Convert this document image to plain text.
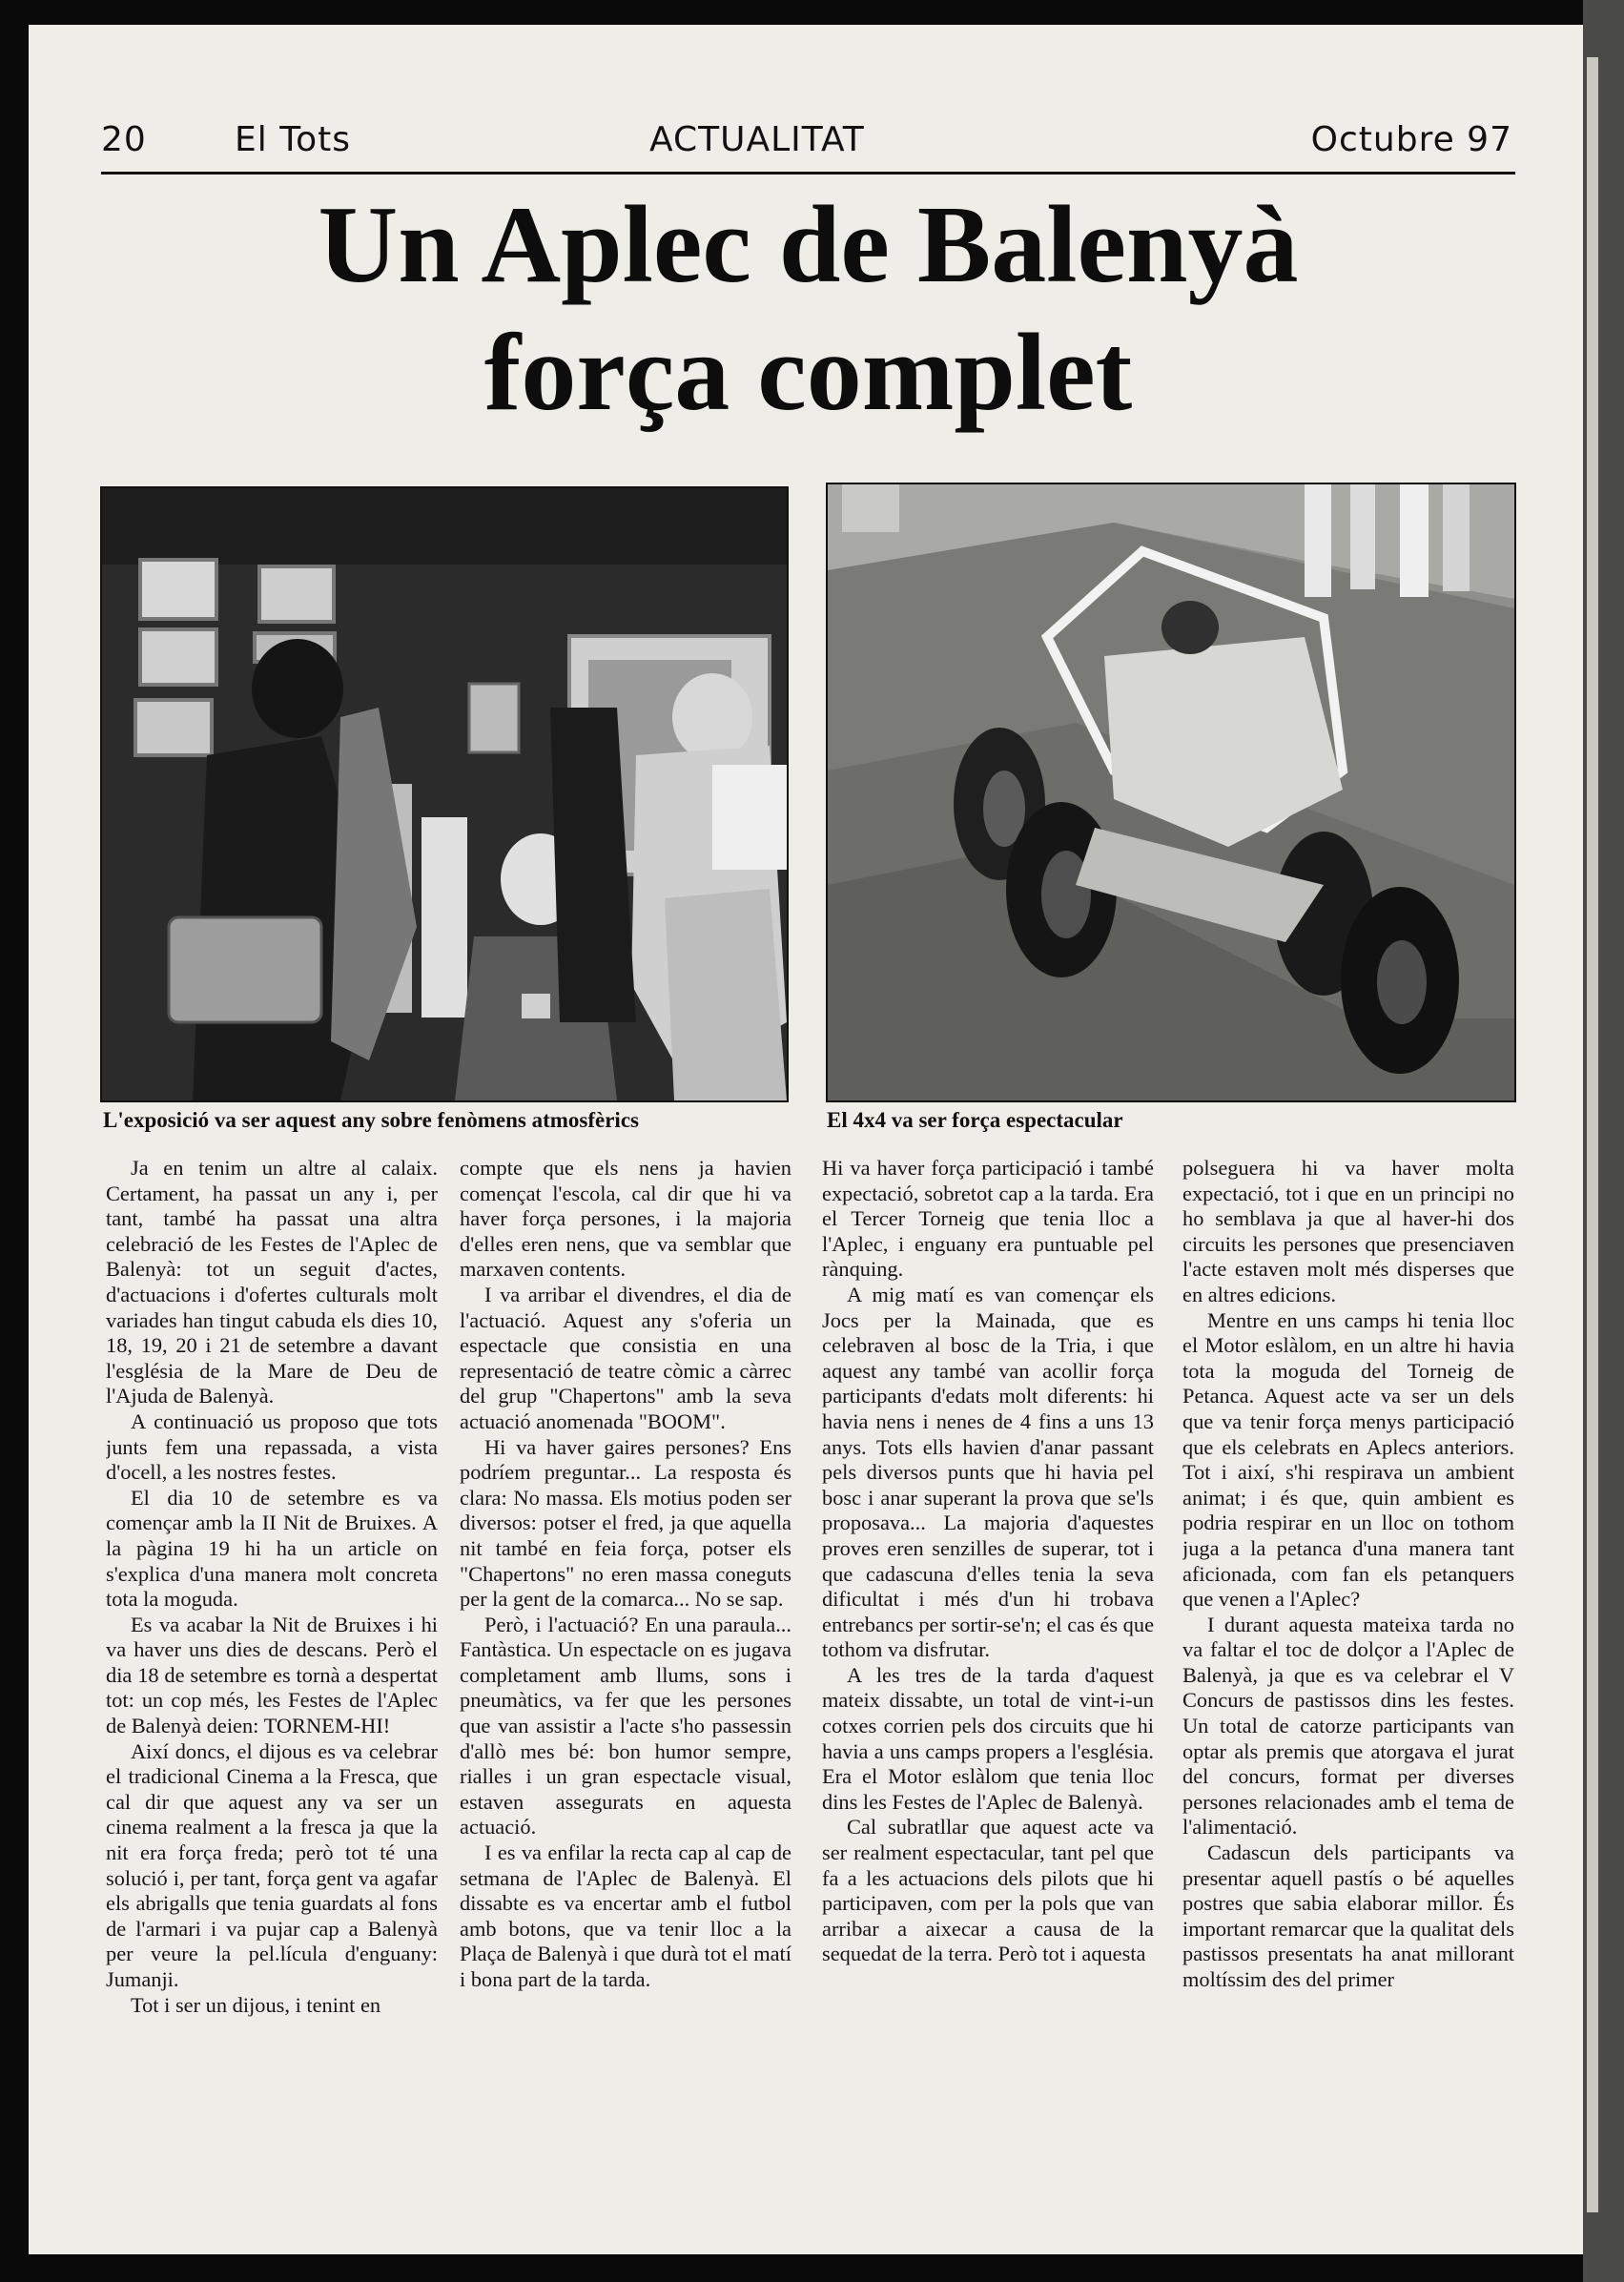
20	El Tots	ACTUALITAT	Octubre 97
Un Aplec de Balenyà
força complet
L'exposició va ser aquest any sobre fenòmens atmosfèrics	El 4x4 va ser força espectacular

Ja en tenim un altre al calaix. Certament, ha passat un any i, per tant, també ha passat una altra celebració de les Festes de l'Aplec de Balenyà: tot un seguit d'actes, d'actuacions i d'ofertes culturals molt variades han tingut cabuda els dies 10, 18, 19, 20 i 21 de setembre a davant l'església de la Mare de Deu de l'Ajuda de Balenyà.

A continuació us proposo que tots junts fem una repassada, a vista d'ocell, a les nostres festes.

El dia 10 de setembre es va començar amb la II Nit de Bruixes. A la pàgina 19 hi ha un article on s'explica d'una manera molt concreta tota la moguda.

Es va acabar la Nit de Bruixes i hi va haver uns dies de descans. Però el dia 18 de setembre es tornà a despertat tot: un cop més, les Festes de l'Aplec de Balenyà deien: TORNEM-HI!

Així doncs, el dijous es va celebrar el tradicional Cinema a la Fresca, que cal dir que aquest any va ser un cinema realment a la fresca ja que la nit era força freda; però tot té una solució i, per tant, força gent va agafar els abrigalls que tenia guardats al fons de l'armari i va pujar cap a Balenyà per veure la pel.lícula d'enguany: Jumanji.

Tot i ser un dijous, i tenint en

compte que els nens ja havien començat l'escola, cal dir que hi va haver força persones, i la majoria d'elles eren nens, que va semblar que marxaven contents.

I va arribar el divendres, el dia de l'actuació. Aquest any s'oferia un espectacle que consistia en una representació de teatre còmic a càrrec del grup "Chapertons" amb la seva actuació anomenada "BOOM".

Hi va haver gaires persones? Ens podríem preguntar... La resposta és clara: No massa. Els motius poden ser diversos: potser el fred, ja que aquella nit també en feia força, potser els "Chapertons" no eren massa coneguts per la gent de la comarca... No se sap.

Però, i l'actuació? En una paraula... Fantàstica. Un espectacle on es jugava completament amb llums, sons i pneumàtics, va fer que les persones que van assistir a l'acte s'ho passessin d'allò mes bé: bon humor sempre, rialles i un gran espectacle visual, estaven assegurats en aquesta actuació.

I es va enfilar la recta cap al cap de setmana de l'Aplec de Balenyà. El dissabte es va encertar amb el futbol amb botons, que va tenir lloc a la Plaça de Balenyà i que durà tot el matí i bona part de la tarda.

Hi va haver força participació i també expectació, sobretot cap a la tarda. Era el Tercer Torneig que tenia lloc a l'Aplec, i enguany era puntuable pel rànquing.

A mig matí es van començar els Jocs per la Mainada, que es celebraven al bosc de la Tria, i que aquest any també van acollir força participants d'edats molt diferents: hi havia nens i nenes de 4 fins a uns 13 anys. Tots ells havien d'anar passant pels diversos punts que hi havia pel bosc i anar superant la prova que se'ls proposava... La majoria d'aquestes proves eren senzilles de superar, tot i que cadascuna d'elles tenia la seva dificultat i més d'un hi trobava entrebancs per sortir-se'n; el cas és que tothom va disfrutar.

A les tres de la tarda d'aquest mateix dissabte, un total de vint-i-un cotxes corrien pels dos circuits que hi havia a uns camps propers a l'església. Era el Motor eslàlom que tenia lloc dins les Festes de l'Aplec de Balenyà.

Cal subratllar que aquest acte va ser realment espectacular, tant pel que fa a les actuacions dels pilots que hi participaven, com per la pols que van arribar a aixecar a causa de la sequedat de la terra. Però tot i aquesta

polseguera hi va haver molta expectació, tot i que en un principi no ho semblava ja que al haver-hi dos circuits les persones que presenciaven l'acte estaven molt més disperses que en altres edicions.

Mentre en uns camps hi tenia lloc el Motor eslàlom, en un altre hi havia tota la moguda del Torneig de Petanca. Aquest acte va ser un dels que va tenir força menys participació que els celebrats en Aplecs anteriors. Tot i així, s'hi respirava un ambient animat; i és que, quin ambient es podria respirar en un lloc on tothom juga a la petanca d'una manera tant aficionada, com fan els petanquers que venen a l'Aplec?

I durant aquesta mateixa tarda no va faltar el toc de dolçor a l'Aplec de Balenyà, ja que es va celebrar el V Concurs de pastissos dins les festes. Un total de catorze participants van optar als premis que atorgava el jurat del concurs, format per diverses persones relacionades amb el tema de l'alimentació.

Cadascun dels participants va presentar aquell pastís o bé aquelles postres que sabia elaborar millor. És important remarcar que la qualitat dels pastissos presentats ha anat millorant moltíssim des del primer
